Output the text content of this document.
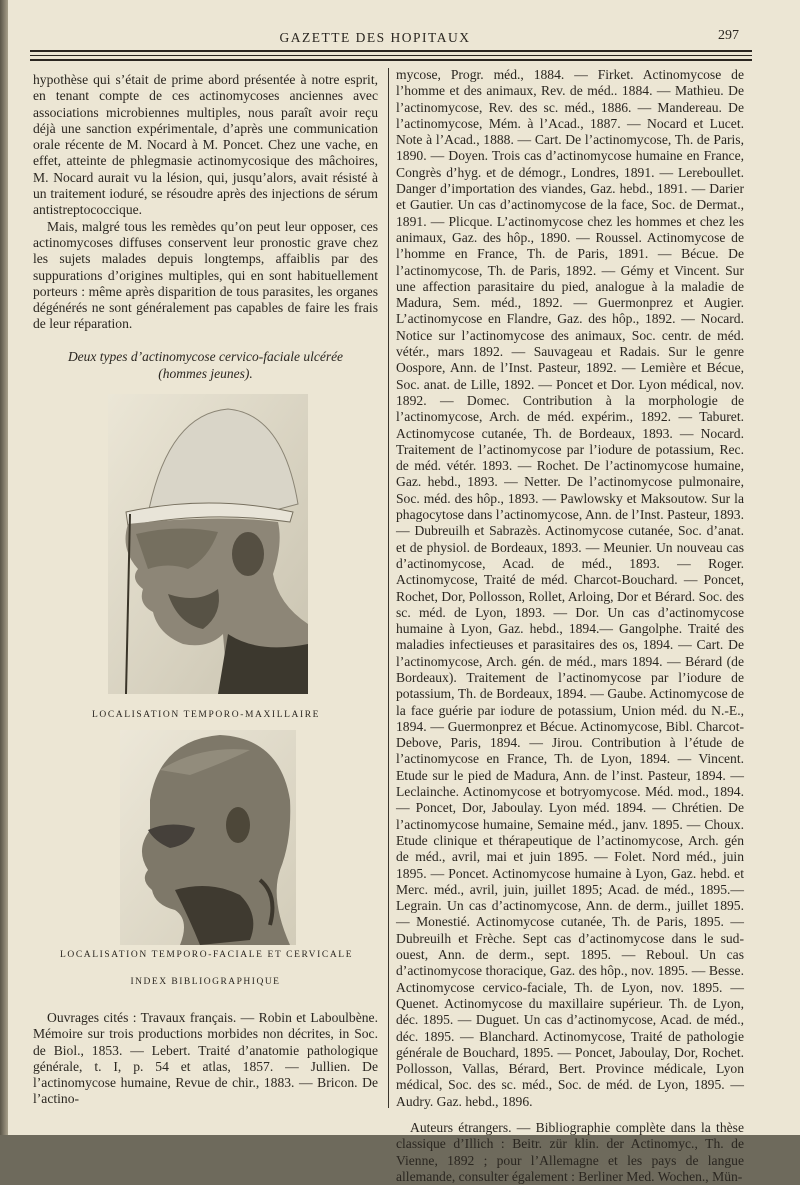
GAZETTE DES HOPITAUX	297

hypothèse qui s’était de prime abord présentée à notre esprit, en tenant compte de ces actinomycoses anciennes avec associations microbiennes multiples, nous paraît avoir reçu déjà une sanction expérimentale, d’après une communication orale récente de M. Nocard à M. Poncet. Chez une vache, en effet, atteinte de phlegmasie actinomycosique des mâchoires, M. Nocard aurait vu la lésion, qui, jusqu’alors, avait résisté à un traitement ioduré, se résoudre après des injections de sérum antistreptococcique.

Mais, malgré tous les remèdes qu’on peut leur opposer, ces actinomycoses diffuses conservent leur pronostic grave chez les sujets malades depuis longtemps, affaiblis par des suppurations d’origines multiples, qui en sont habituellement porteurs : même après disparition de tous parasites, les organes dégénérés ne sont généralement pas capables de faire les frais de leur réparation.

Deux types d’actinomycose cervico-faciale ulcérée
(hommes jeunes).
LOCALISATION TEMPORO-MAXILLAIRE
LOCALISATION TEMPORO-FACIALE ET CERVICALE
INDEX BIBLIOGRAPHIQUE

Ouvrages cités : Travaux français. — Robin et Laboulbène. Mémoire sur trois productions morbides non décrites, in Soc. de Biol., 1853. — Lebert. Traité d’anatomie pathologique générale, t. I, p. 54 et atlas, 1857. — Jullien. De l’actinomycose humaine, Revue de chir., 1883. — Bricon. De l’actino-

mycose, Progr. méd., 1884. — Firket. Actinomycose de l’homme et des animaux, Rev. de méd.. 1884. — Mathieu. De l’actinomycose, Rev. des sc. méd., 1886. — Mandereau. De l’actinomycose, Mém. à l’Acad., 1887. — Nocard et Lucet. Note à l’Acad., 1888. — Cart. De l’actinomycose, Th. de Paris, 1890. — Doyen. Trois cas d’actinomycose humaine en France, Congrès d’hyg. et de démogr., Londres, 1891. — Lereboullet. Danger d’importation des viandes, Gaz. hebd., 1891. — Darier et Gautier. Un cas d’actinomycose de la face, Soc. de Dermat., 1891. — Plicque. L’actinomycose chez les hommes et chez les animaux, Gaz. des hôp., 1890. — Roussel. Actinomycose de l’homme en France, Th. de Paris, 1891. — Bécue. De l’actinomycose, Th. de Paris, 1892. — Gémy et Vincent. Sur une affection parasitaire du pied, analogue à la maladie de Madura, Sem. méd., 1892. — Guermonprez et Augier. L’actinomycose en Flandre, Gaz. des hôp., 1892. — Nocard. Notice sur l’actinomycose des animaux, Soc. centr. de méd. vétér., mars 1892. — Sauvageau et Radais. Sur le genre Oospore, Ann. de l’Inst. Pasteur, 1892. — Lemière et Bécue, Soc. anat. de Lille, 1892. — Poncet et Dor. Lyon médical, nov. 1892. — Domec. Contribution à la morphologie de l’actinomycose, Arch. de méd. expérim., 1892. — Taburet. Actinomycose cutanée, Th. de Bordeaux, 1893. — Nocard. Traitement de l’actinomycose par l’iodure de potassium, Rec. de méd. vétér. 1893. — Rochet. De l’actinomycose humaine, Gaz. hebd., 1893. — Netter. De l’actinomycose pulmonaire, Soc. méd. des hôp., 1893. — Pawlowsky et Maksoutow. Sur la phagocytose dans l’actinomycose, Ann. de l’Inst. Pasteur, 1893. — Dubreuilh et Sabrazès. Actinomycose cutanée, Soc. d’anat. et de physiol. de Bordeaux, 1893. — Meunier. Un nouveau cas d’actinomycose, Acad. de méd., 1893. — Roger. Actinomycose, Traité de méd. Charcot-Bouchard. — Poncet, Rochet, Dor, Pollosson, Rollet, Arloing, Dor et Bérard. Soc. des sc. méd. de Lyon, 1893. — Dor. Un cas d’actinomycose humaine à Lyon, Gaz. hebd., 1894.— Gangolphe. Traité des maladies infectieuses et parasitaires des os, 1894. — Cart. De l’actinomycose, Arch. gén. de méd., mars 1894. — Bérard (de Bordeaux). Traitement de l’actinomycose par l’iodure de potassium, Th. de Bordeaux, 1894. — Gaube. Actinomycose de la face guérie par iodure de potassium, Union méd. du N.-E., 1894. — Guermonprez et Bécue. Actinomycose, Bibl. Charcot-Debove, Paris, 1894. — Jirou. Contribution à l’étude de l’actinomycose en France, Th. de Lyon, 1894. — Vincent. Etude sur le pied de Madura, Ann. de l’inst. Pasteur, 1894. — Leclainche. Actinomycose et botryomycose. Méd. mod., 1894. — Poncet, Dor, Jaboulay. Lyon méd. 1894. — Chrétien. De l’actinomycose humaine, Semaine méd., janv. 1895. — Choux. Etude clinique et thérapeutique de l’actinomycose, Arch. gén de méd., avril, mai et juin 1895. — Folet. Nord méd., juin 1895. — Poncet. Actinomycose humaine à Lyon, Gaz. hebd. et Merc. méd., avril, juin, juillet 1895; Acad. de méd., 1895.— Legrain. Un cas d’actinomycose, Ann. de derm., juillet 1895. — Monestié. Actinomycose cutanée, Th. de Paris, 1895. — Dubreuilh et Frèche. Sept cas d’actinomycose dans le sud-ouest, Ann. de derm., sept. 1895. — Reboul. Un cas d’actinomycose thoracique, Gaz. des hôp., nov. 1895. — Besse. Actinomycose cervico-faciale, Th. de Lyon, nov. 1895. — Quenet. Actinomycose du maxillaire supérieur. Th. de Lyon, déc. 1895. — Duguet. Un cas d’actinomycose, Acad. de méd., déc. 1895. — Blanchard. Actinomycose, Traité de pathologie générale de Bouchard, 1895. — Poncet, Jaboulay, Dor, Rochet. Pollosson, Vallas, Bérard, Bert. Province médicale, Lyon médical, Soc. des sc. méd., Soc. de méd. de Lyon, 1895. — Audry. Gaz. hebd., 1896.

Auteurs étrangers. — Bibliographie complète dans la thèse classique d’Illich : Beitr. zür klin. der Actinomyc., Th. de Vienne, 1892 ; pour l’Allemagne et les pays de langue allemande, consulter également : Berliner Med. Wochen., Mün-
